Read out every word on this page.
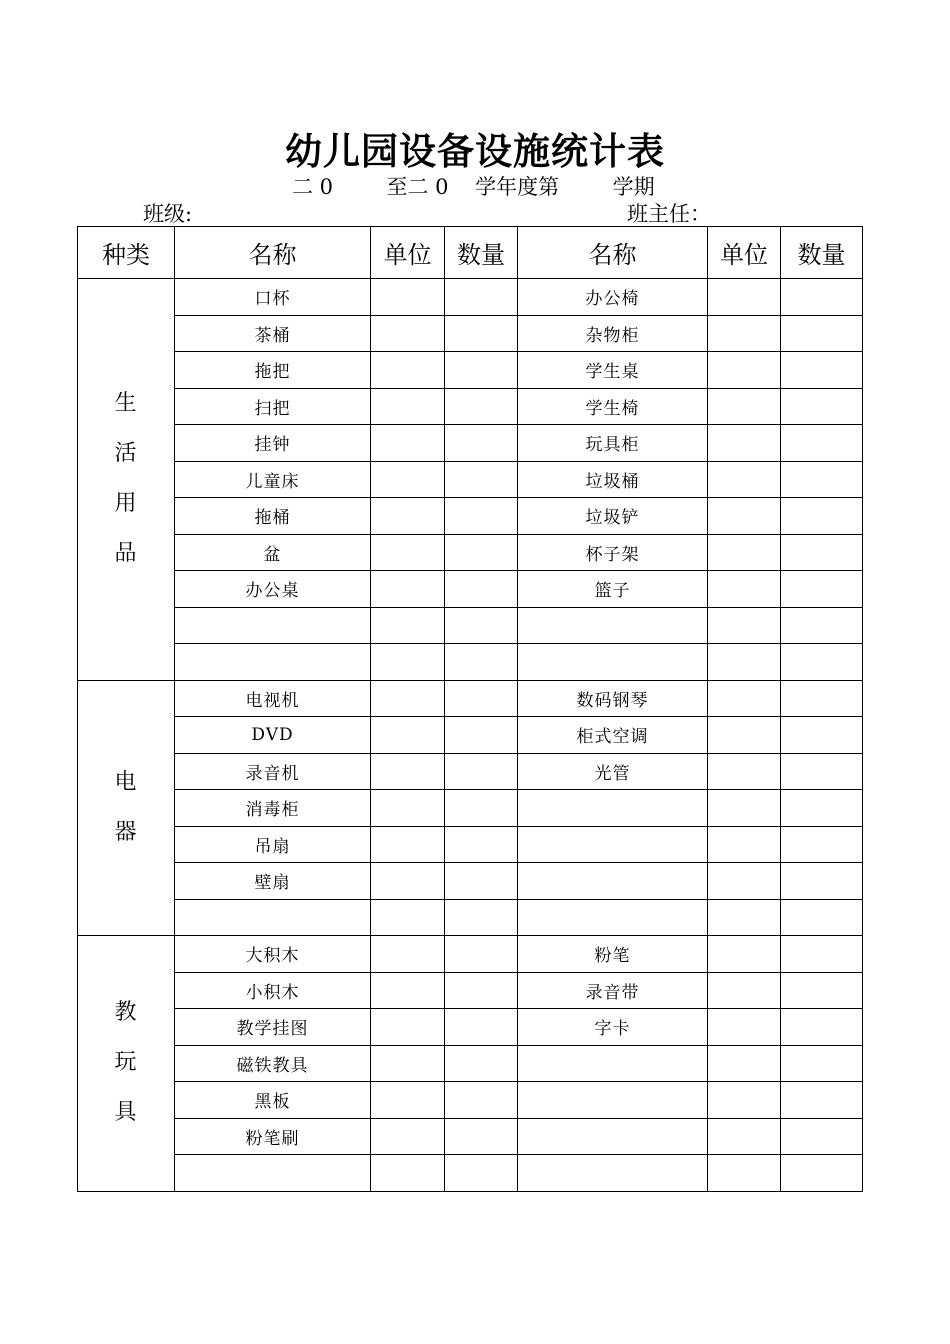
幼儿园设备设施统计表
二 0        至二 0    学年度第        学期
班级:	班主任：
种类	名称	单位	数量	名称	单位	数量

生
活
用
品	口杯			办公椅		
	茶桶			杂物柜		
	拖把			学生桌		
	扫把			学生椅		
	挂钟			玩具柜		
	儿童床			垃圾桶		
	拖桶			垃圾铲		
	盆			杯子架		
	办公桌			篮子		

电
器	电视机			数码钢琴		
	DVD			柜式空调		
	录音机			光管		
	消毒柜					
	吊扇					
	壁扇					

教
玩
具	大积木			粉笔		
	小积木			录音带		
	教学挂图			字卡		
	磁铁教具					
	黑板					
	粉笔刷					
